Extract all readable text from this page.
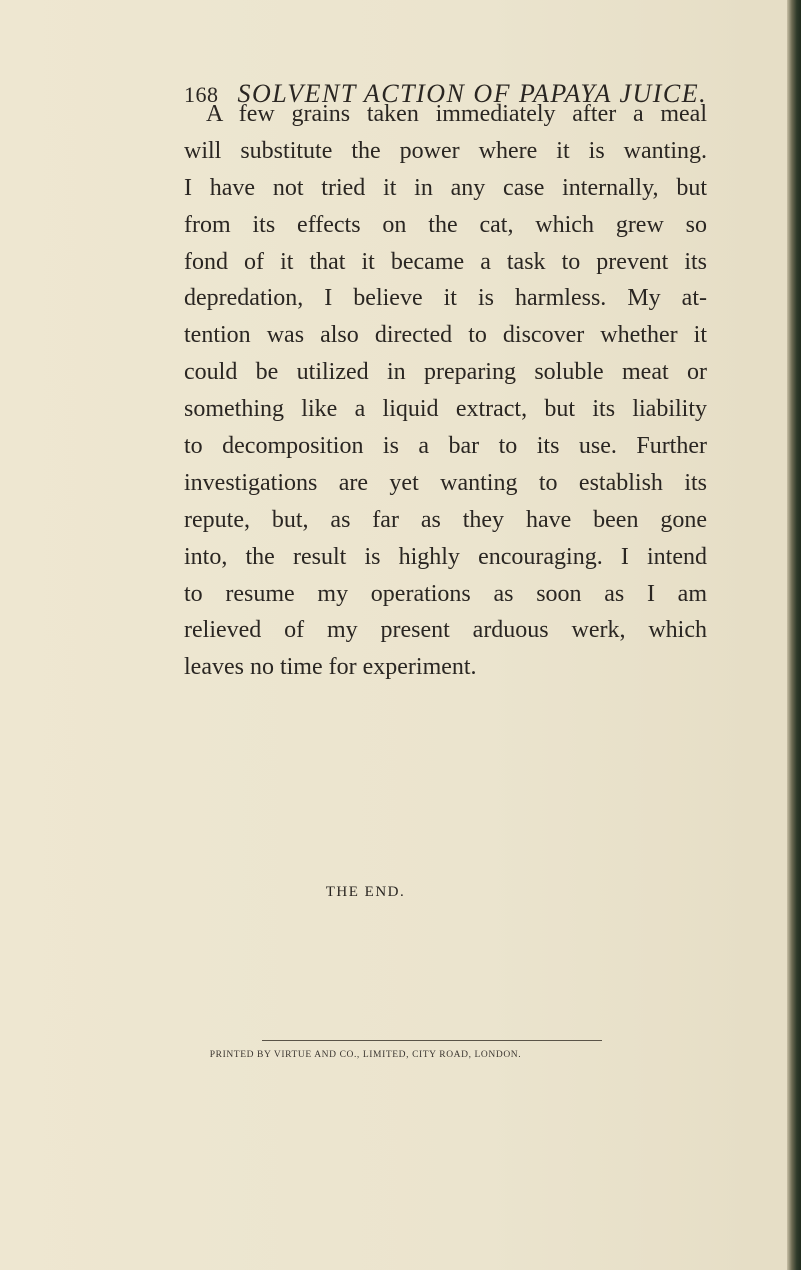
168 SOLVENT ACTION OF PAPAYA JUICE.
A few grains taken immediately after a meal
will substitute the power where it is wanting.
I have not tried it in any case internally, but
from its effects on the cat, which grew so
fond of it that it became a task to prevent its
depredation, I believe it is harmless. My at-
tention was also directed to discover whether it
could be utilized in preparing soluble meat or
something like a liquid extract, but its liability
to decomposition is a bar to its use. Further
investigations are yet wanting to establish its
repute, but, as far as they have been gone
into, the result is highly encouraging. I intend
to resume my operations as soon as I am
relieved of my present arduous werk, which
leaves no time for experiment.
THE END.
PRINTED BY VIRTUE AND CO., LIMITED, CITY ROAD, LONDON.
